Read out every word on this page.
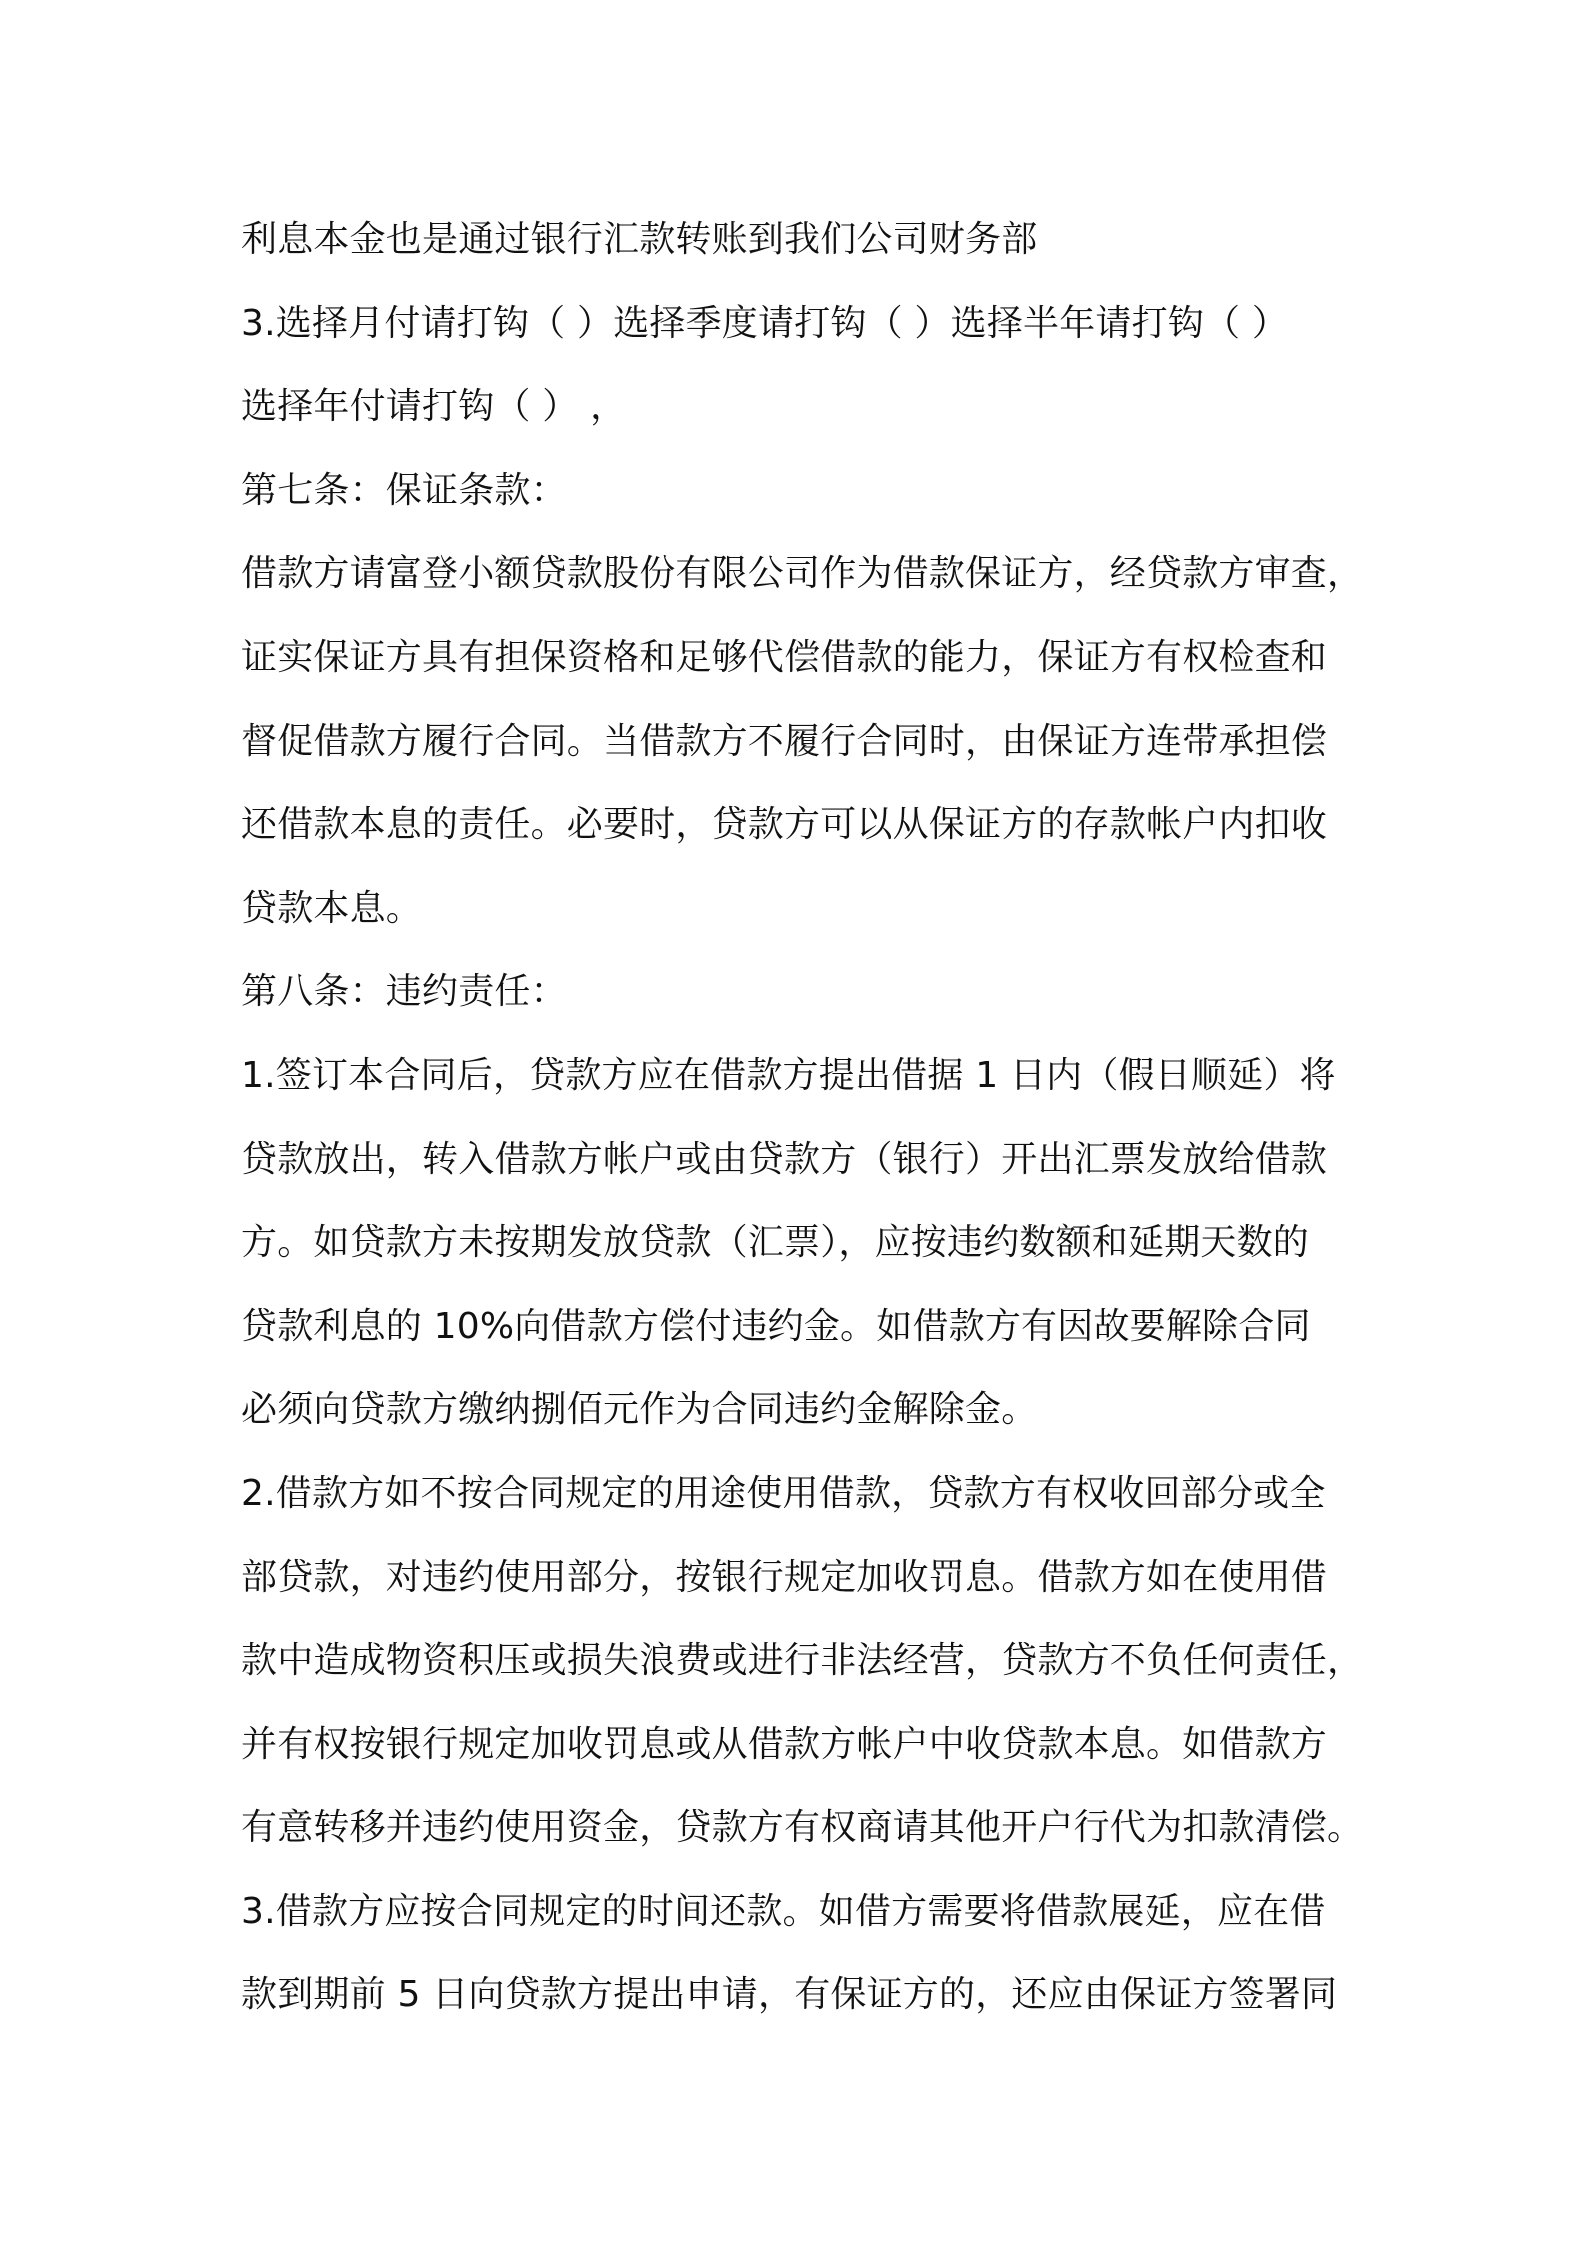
利息本金也是通过银行汇款转账到我们公司财务部
3.选择月付请打钩（ ）选择季度请打钩（ ）选择半年请打钩（ ）
选择年付请打钩（ ） ，
第七条：保证条款：
借款方请富登小额贷款股份有限公司作为借款保证方，经贷款方审查，
证实保证方具有担保资格和足够代偿借款的能力，保证方有权检查和
督促借款方履行合同。当借款方不履行合同时，由保证方连带承担偿
还借款本息的责任。必要时，贷款方可以从保证方的存款帐户内扣收
贷款本息。
第八条：违约责任：
1.签订本合同后，贷款方应在借款方提出借据 1 日内（假日顺延）将
贷款放出，转入借款方帐户或由贷款方（银行）开出汇票发放给借款
方。如贷款方未按期发放贷款（汇票），应按违约数额和延期天数的
贷款利息的 10%向借款方偿付违约金。如借款方有因故要解除合同
必须向贷款方缴纳捌佰元作为合同违约金解除金。
2.借款方如不按合同规定的用途使用借款，贷款方有权收回部分或全
部贷款，对违约使用部分，按银行规定加收罚息。借款方如在使用借
款中造成物资积压或损失浪费或进行非法经营，贷款方不负任何责任，
并有权按银行规定加收罚息或从借款方帐户中收贷款本息。如借款方
有意转移并违约使用资金，贷款方有权商请其他开户行代为扣款清偿。
3.借款方应按合同规定的时间还款。如借方需要将借款展延，应在借
款到期前 5 日向贷款方提出申请，有保证方的，还应由保证方签署同
